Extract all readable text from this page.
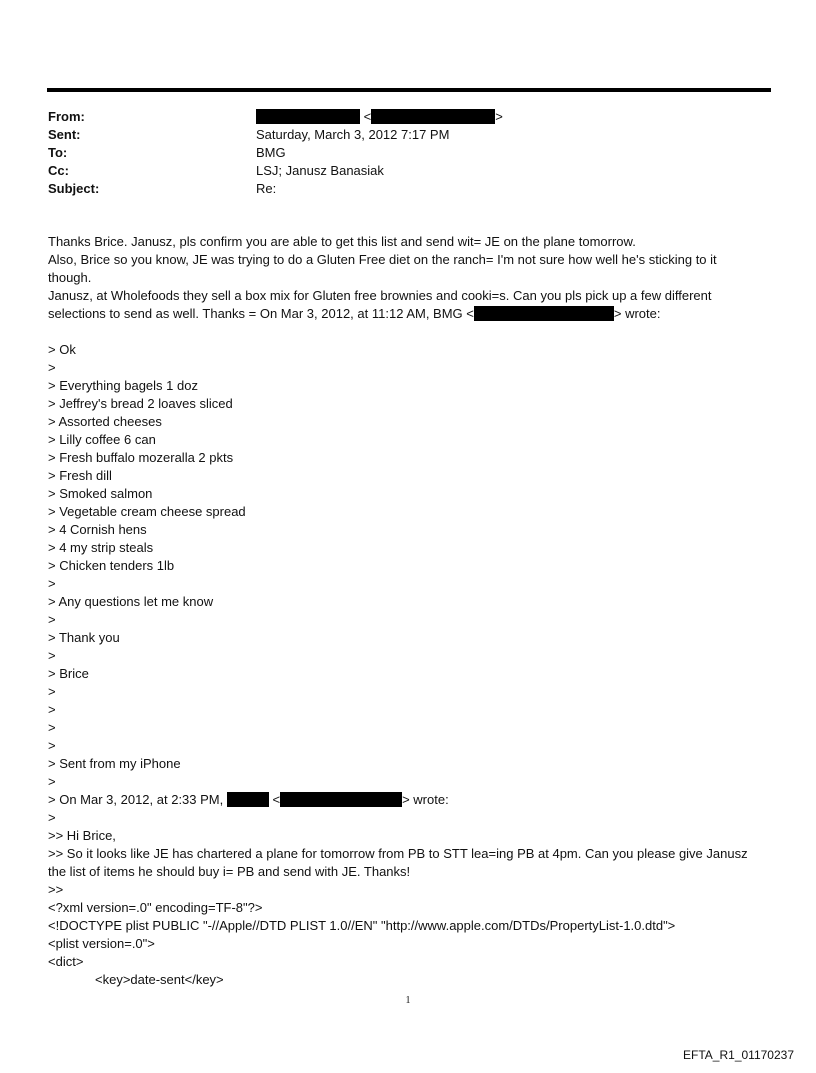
From:	<	>
Sent:	Saturday, March 3, 2012 7:17 PM
To:	BMG
Cc:	LSJ; Janusz Banasiak
Subject:	Re:
Thanks Brice. Janusz, pls confirm you are able to get this list and send wit= JE on the plane tomorrow.
Also, Brice so you know, JE was trying to do a Gluten Free diet on the ranch= I'm not sure how well he's sticking to it
though.
Janusz, at Wholefoods they sell a box mix for Gluten free brownies and cooki=s. Can you pls pick up a few different
selections to send as well. Thanks = On Mar 3, 2012, at 11:12 AM, BMG <	> wrote:
> Ok
>
> Everything bagels 1 doz
> Jeffrey's bread 2 loaves sliced
> Assorted cheeses
> Lilly coffee 6 can
> Fresh buffalo mozeralla 2 pkts
> Fresh dill
> Smoked salmon
> Vegetable cream cheese spread
> 4 Cornish hens
> 4 my strip steals
> Chicken tenders 1lb
>
> Any questions let me know
>
> Thank you
>
> Brice
>
>
>
>
> Sent from my iPhone
>
> On Mar 3, 2012, at 2:33 PM,	<	> wrote:
>
>> Hi Brice,
>> So it looks like JE has chartered a plane for tomorrow from PB to STT lea=ing PB at 4pm. Can you please give Janusz
the list of items he should buy i= PB and send with JE. Thanks!
>>
<?xml version=.0" encoding=TF-8"?>
<!DOCTYPE plist PUBLIC "-//Apple//DTD PLIST 1.0//EN" "http://www.apple.com/DTDs/PropertyList-1.0.dtd">
<plist version=.0">
<dict>
<key>date-sent</key>
1
EFTA_R1_01170237
